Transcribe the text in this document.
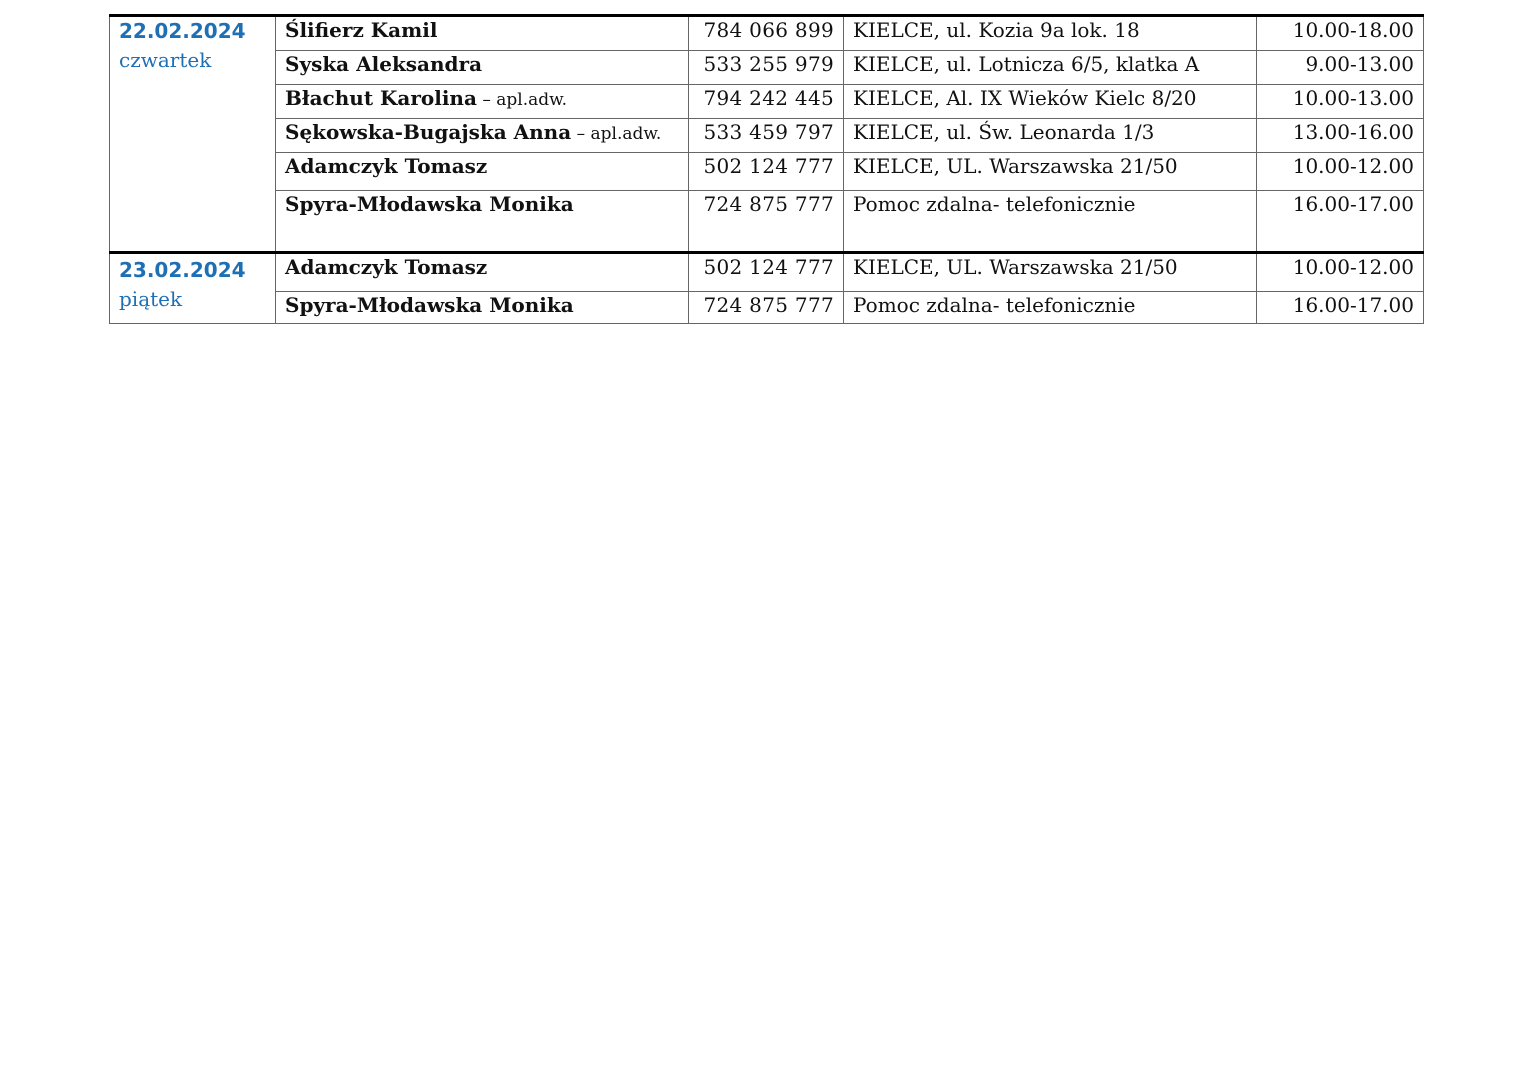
22.02.2024
czwartek	Ślifierz Kamil	784 066 899	KIELCE, ul. Kozia 9a lok. 18	10.00-18.00
	Syska Aleksandra	533 255 979	KIELCE, ul. Lotnicza 6/5, klatka A	9.00-13.00
	Błachut Karolina – apl.adw.	794 242 445	KIELCE, Al. IX Wieków Kielc 8/20	10.00-13.00
	Sękowska-Bugajska Anna – apl.adw.	533 459 797	KIELCE, ul. Św. Leonarda 1/3	13.00-16.00
	Adamczyk Tomasz	502 124 777	KIELCE, UL. Warszawska 21/50	10.00-12.00
	Spyra-Młodawska Monika	724 875 777	Pomoc zdalna- telefonicznie	16.00-17.00

23.02.2024
piątek	Adamczyk Tomasz	502 124 777	KIELCE, UL. Warszawska 21/50	10.00-12.00
	Spyra-Młodawska Monika	724 875 777	Pomoc zdalna- telefonicznie	16.00-17.00
